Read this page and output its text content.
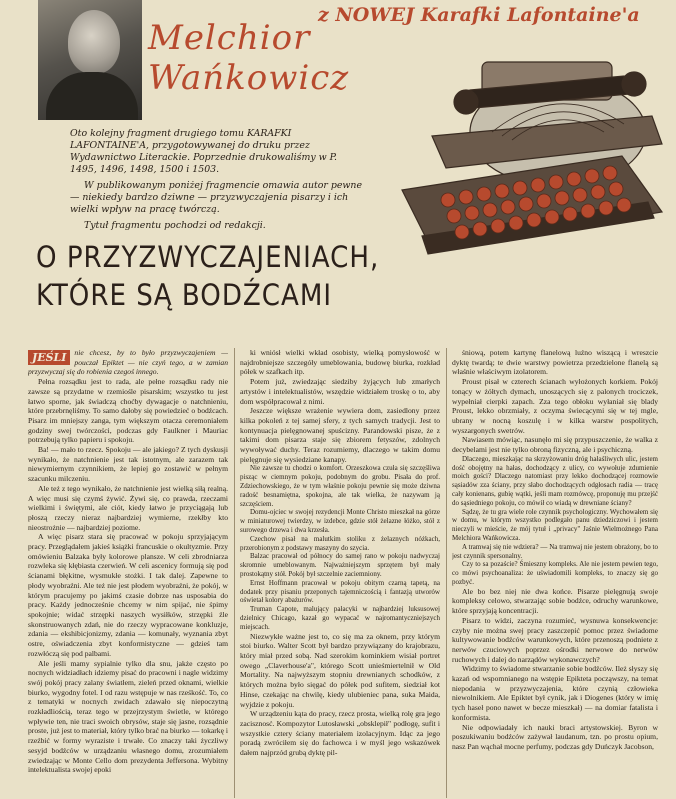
Melchior
Wańkowicz
z NOWEJ Karafki Lafontaine'a

Oto kolejny fragment drugiego tomu KARAFKI LAFONTAINE'A, przygotowywanej do druku przez Wydawnictwo Literackie. Poprzednie drukowaliśmy w P. 1495, 1496, 1498, 1500 i 1503.

W publikowanym poniżej fragmencie omawia autor pewne — niekiedy bardzo dziwne — przyzwyczajenia pisarzy i ich wielki wpływ na pracę twórczą.

Tytuł fragmentu pochodzi od redakcji.

O PRZYZWYCZAJENIACH,
KTÓRE SĄ BODŹCAMI
JEŚLI	nie chcesz, by to było przyzwyczajeniem — pouczał Epiktet — nie czyń tego, a w zamian przyzwyczaj się do robienia czegoś innego.

Pełna rozsądku jest to rada, ale pełne rozsądku rady nie zawsze są przydatne w rzemiośle pisarskim; wszystko tu jest łatwo sporne, jak świadczą choćby dywagacje o natchnieniu, które przebrnęliśmy. To samo dałoby się powiedzieć o bodźcach. Pisarz im mniejszy zanga, tym większym otacza ceremoniałem godziny swej twórczości, podczas gdy Faulkner i Mauriac potrzebują tylko papieru i spokoju.

Ba! — mało to rzecz. Spokoju — ale jakiego? Z tych dyskusji wynikało, że natchnienie jest tak istotnym, ale zarazem tak niewymiernym czynnikiem, że lepiej go zostawić w pełnym szacunku milczeniu.

Ale też z tego wynikało, że natchnienie jest wielką siłą realną. A więc musi się czymś żywić. Żywi się, co prawda, rzeczami wielkimi i świętymi, ale ciót, kiedy łatwo je przyciągają lub płoszą rzeczy nieraz najbardziej wymierne, rzekłby kto nieostrożnie — najbardziej poziome.

A więc pisarz stara się pracować w pokoju sprzyjającym pracy. Przeglądałem jakieś książki francuskie o okultyzmie. Przy omówieniu Balzaka były kolorowe plansze. W celi zbrodniarza rozwleka się kłębiasta czerwień. W celi ascenicy formują się pod ścianami błękitne, wysmukłe stożki. I tak dalej. Zapewne to płody wyobraźni. Ale też nie jest płodem wyobraźni, że pokój, w którym pracujemy po jakimś czasie dobrze nas usposabia do pracy. Każdy jednocześnie chcemy w nim spijać, nie śpimy spokojnie; widać strzępki naszych wysiłków, strzępki źle skonstruowanych zdań, nie do rzeczy wypracowane konkluzje, zdania — ekshibicjonizmy, zdania — komunały, wyznania zbyt ostre, oświadczenia zbyt konformistyczne — gdzieś tam rozwłóczą się pod palbami.

Ale jeśli mamy sypialnie tylko dla snu, jakże często po nocnych widziadłach idziemy pisać do pracowni i nagle widzimy swój pokój pracy zalany światłem, zieleń przed oknami, wielkie biurko, wygodny fotel. I od razu wstępuje w nas rześkość. To, co z tematyki w nocnych zwidach zdawało się niepoczytną rozkładliością, teraz tego w przejrzystym świetle, w którego wpływie ten, nie traci swoich obrysów, staje się jasne, rozsądnie proste, już jest to materiał, który tylko brać na biurko — tokarkę i rzeźbić w formy wyraziste i trwałe. Co znaczy taki życzliwy sesyjd bodźców w urządzaniu własnego domu, zrozumiałem zwiedzając w Monte Cello dom prezydenta Jeffersona. Wybitny intelektualista swojej epoki

ki wniósł wielki wkład osobisty, wielką pomysłowość w najdrobniejsze szczegóły umeblowania, budowę biurka, rozkład półek w szafkach itp.

Potem już, zwiedzając siedziby żyjących lub zmarłych artystów i intelektualistów, wszędzie widziałem troskę o to, aby dom współpracował z nimi.

Jeszcze większe wrażenie wywiera dom, zasiedlony przez kilka pokoleń z tej samej sfery, z tych samych tradycji. Jest to kontynuacja pielęgnowanej spuścizny. Parandowski pisze, że z takimi dom pisarza staje się zbiorem fetyszów, zdolnych wywoływać duchy. Teraz rozumiemy, dlaczego w takim domu pielęgnuje się wysiedziane kanapy.

Nie zawsze tu chodzi o komfort. Orzeszkowa czuła się szczęśliwa pisząc w ciemnym pokoju, podobnym do grobu. Pisała do prof. Zdziechowskiego, że w tym właśnie pokoju pewnie się może dziwna radość besnamiętna, spokojna, ale tak wielka, że nazywam ją szczęściem.

Domu-ojciec w swojej rezydencji Monte Christo mieszkał na górze w miniaturowej twierdzy, w izdebce, gdzie stół żelazne łóżko, stół z surowego drzewa i dwa krzesła.

Czechow pisał na malutkim stoliku z żelaznych nóżkach, przerobionym z podstawy maszyny do szycia.

Balzac pracował od północy do samej rano w pokoju nadwyczaj skromnie umeblowanym. Najważniejszym sprzętem był mały prostokątny stół. Pokój był szczelnie zaciemniony.

Ernst Hoffmann pracował w pokoju obitym czarną tapetą, na dodatek przy pisaniu przeponych tajemniczością i fantazją utworów oświetał kolory abażurów.

Truman Capote, malujący pałacyki w najbardziej luksusowej dzielnicy Chicago, kazał go wypacać w najromantyczniejszych miejscach.

Niezwykłe ważne jest to, co się ma za oknem, przy którym stoi biurko. Walter Scott był bardzo przywiązany do krajobrazu, który miał przed sobą. Nad szerokim kominkiem wisiał portret owego „Claverhouse'a", którego Scott unieśmiertelnił w Old Mortality. Na najwyższym stopniu drewnianych schodków, z których można było sięgać do półek pod sufitem, siedział kot Hinse, czekając na chwilę, kiedy ulubieniec pana, suka Maida, wyjdzie z pokoju.

W urządzeniu kąta do pracy, rzecz prosta, wielką rolę gra jego zacisznosć. Kompozytor Lutosławski „obsklepił" podłogę, sufit i wszystkie cztery ściany materiałem izolacyjnym. Idąc za jego poradą zwróciłem się do fachowca i w myśl jego wskazówek dałem najprzód grubą dyktę pil-

śniową, potem kartynę flanelową luźno wiszącą i wreszcie dyktę twardą; te dwie warstwy powietrza przedzielone flanelą są właśnie właściwym izolatorem.

Proust pisał w czterech ścianach wyłożonych korkiem. Pokój tonący w żółtych dymach, unoszących się z palonych trociczek, wypełniał cierpki zapach. Zza tego obłoku wyłaniał się blady Proust, lekko obrzmiały, z oczyma świecącymi się w tej mgle, ubrany w nocną koszulę i w kilka warstw pospolitych, wyszargonych swetrów.

Nawiasem mówiąc, nasunęło mi się przypuszczenie, że walka z decybelami jest nie tylko obroną fizyczną, ale i psychiczną.

Dlaczego, mieszkając na skrzyżowaniu dróg hałaśliwych ulic, jestem dość obojętny na hałas, dochodzący z ulicy, co wywołuje zdumienie moich gości? Dlaczego natomiast przy lekko dochodzącej rozmowie sąsiadów zza ściany, przy słabo dochodzących odgłosach radia — tracę cały konienans, gubię wątki, jeśli mam rozmówcę, proponuję mu przejść do sąsiedniego pokoju, co mówił co wiadą w drewniane ściany?

Sądzę, że tu gra wiele role czynnik psychologiczny. Wychowałem się w domu, w którym wszystko podlegało panu dziedziczowi i jestem nieczyli w mieście, że mój tytuł i „privacy" Jaśnie Wielmożnego Pana Melchiora Wańkowicza.

A tramwaj się nie wdziera? — Na tramwaj nie jestem obrażony, bo to jest czynnik spersonalny.

Czy to sa pozaście? Śmieszny kompleks. Ale nie jestem pewien tego, co mówi psychoanaliza: że uświadomili kompleks, to znaczy się go pozbyć.

Ale bo bez niej nie dwa końce. Pisarze pielęgnują swoje kompleksy celowo, stwarzając sobie bodźce, odruchy warunkowe, które sprzyjają koncentracji.

Pisarz to widzi, zaczyna rozumieć, wysnuwa konsekwencje: czyby nie można swej pracy zaszczepić pomoc przez świadome kultywowanie bodźców warunkowych, które przenoszą podniete z nerwów czuciowych poprzez ośrodki nerwowe do nerwów ruchowych i dalej do narządów wykonawczych?

Widzimy to świadome stwarzanie sobie bodźców. Ileż słyszy się kazań od wspomnianego na wstępie Epikteta począwszy, na temat niepodania w przyzwyczajenia, które czynią człowieka niewolnikiem. Ale Epiktet był cynik, jak i Diogenes (który w imię tych haseł pono nawet w becze mieszkał) — na domiar fatalista i konformista.

Nie odpowiadały ich nauki braci artystowskiej. Byron w poszukiwaniu bodźców zażywał laudanum, tzn. po prostu opium, nasz Pan wąchał mocne perfumy, podczas gdy Duńczyk Jacobson,
